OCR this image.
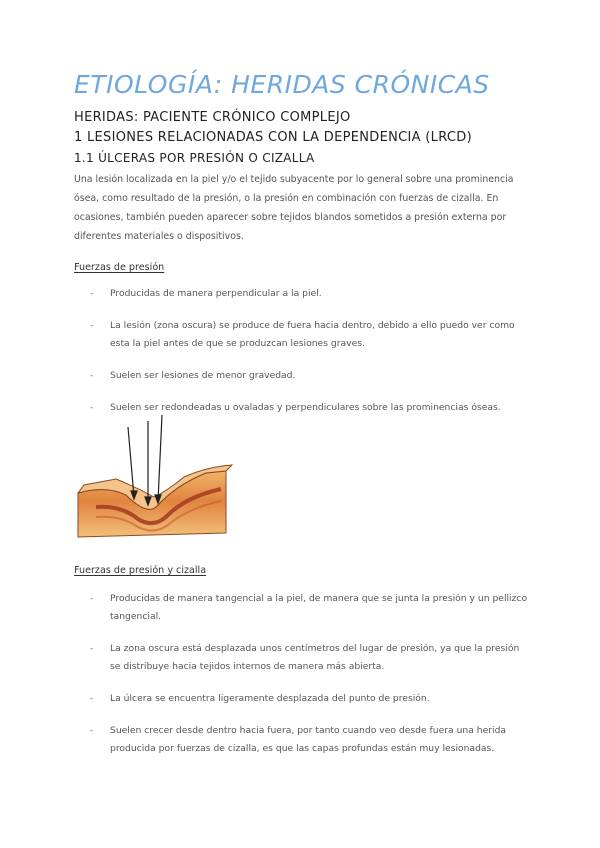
ETIOLOGÍA: HERIDAS CRÓNICAS
HERIDAS: PACIENTE CRÓNICO COMPLEJO
1 LESIONES RELACIONADAS CON LA DEPENDENCIA (LRCD)
1.1 ÚLCERAS POR PRESIÓN O CIZALLA

Una lesión localizada en la piel y/o el tejido subyacente por lo general sobre una prominencia ósea, como resultado de la presión, o la presión en combinación con fuerzas de cizalla. En ocasiones, también pueden aparecer sobre tejidos blandos sometidos a presión externa por diferentes materiales o dispositivos.

Fuerzas de presión

- Producidas de manera perpendicular a la piel.
- La lesión (zona oscura) se produce de fuera hacia dentro, debido a ello puedo ver como esta la piel antes de que se produzcan lesiones graves.
- Suelen ser lesiones de menor gravedad.
- Suelen ser redondeadas u ovaladas y perpendiculares sobre las prominencias óseas.

Fuerzas de presión y cizalla

- Producidas de manera tangencial a la piel, de manera que se junta la presión y un pellizco tangencial.
- La zona oscura está desplazada unos centímetros del lugar de presión, ya que la presión se distribuye hacia tejidos internos de manera más abierta.
- La úlcera se encuentra ligeramente desplazada del punto de presión.
- Suelen crecer desde dentro hacia fuera, por tanto cuando veo desde fuera una herida producida por fuerzas de cizalla, es que las capas profundas están muy lesionadas.
